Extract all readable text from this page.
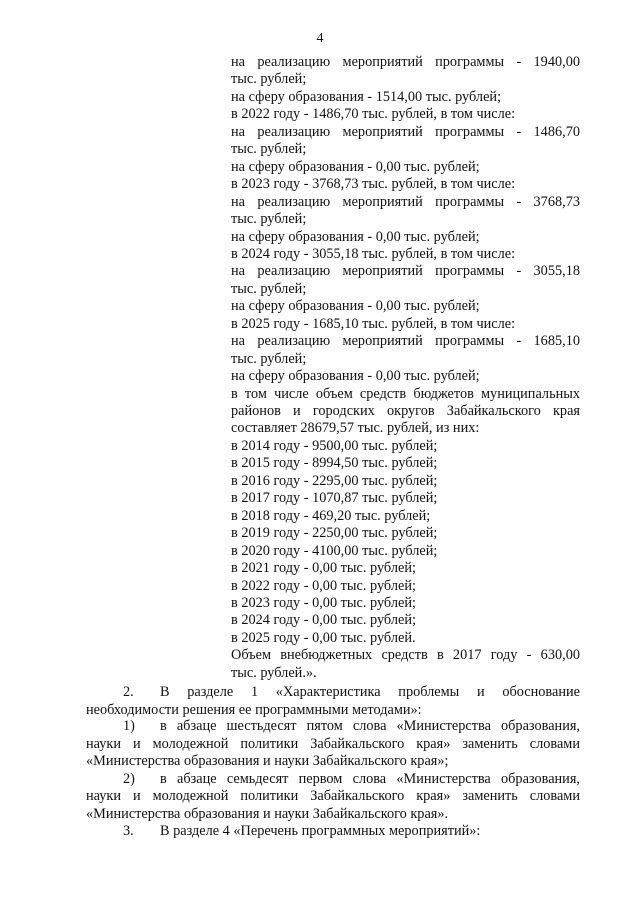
4
на реализацию мероприятий программы - 1940,00
тыс. рублей;
на сферу образования - 1514,00 тыс. рублей;
в 2022 году - 1486,70 тыс. рублей, в том числе:
на реализацию мероприятий программы - 1486,70
тыс. рублей;
на сферу образования - 0,00 тыс. рублей;
в 2023 году - 3768,73 тыс. рублей, в том числе:
на реализацию мероприятий программы - 3768,73
тыс. рублей;
на сферу образования - 0,00 тыс. рублей;
в 2024 году - 3055,18 тыс. рублей, в том числе:
на реализацию мероприятий программы - 3055,18
тыс. рублей;
на сферу образования - 0,00 тыс. рублей;
в 2025 году - 1685,10 тыс. рублей, в том числе:
на реализацию мероприятий программы - 1685,10
тыс. рублей;
на сферу образования - 0,00 тыс. рублей;
в том числе объем средств бюджетов муниципальных
районов и городских округов Забайкальского края
составляет 28679,57 тыс. рублей, из них:
в 2014 году - 9500,00 тыс. рублей;
в 2015 году - 8994,50 тыс. рублей;
в 2016 году - 2295,00 тыс. рублей;
в 2017 году - 1070,87 тыс. рублей;
в 2018 году - 469,20 тыс. рублей;
в 2019 году - 2250,00 тыс. рублей;
в 2020 году - 4100,00 тыс. рублей;
в 2021 году - 0,00 тыс. рублей;
в 2022 году - 0,00 тыс. рублей;
в 2023 году - 0,00 тыс. рублей;
в 2024 году - 0,00 тыс. рублей;
в 2025 году - 0,00 тыс. рублей.
Объем внебюджетных средств в 2017 году - 630,00
тыс. рублей.».
2. В разделе 1 «Характеристика проблемы и обоснование
необходимости решения ее программными методами»:
1) в абзаце шестьдесят пятом слова «Министерства образования,
науки и молодежной политики Забайкальского края» заменить словами
«Министерства образования и науки Забайкальского края»;
2) в абзаце семьдесят первом слова «Министерства образования,
науки и молодежной политики Забайкальского края» заменить словами
«Министерства образования и науки Забайкальского края».
3. В разделе 4 «Перечень программных мероприятий»:
